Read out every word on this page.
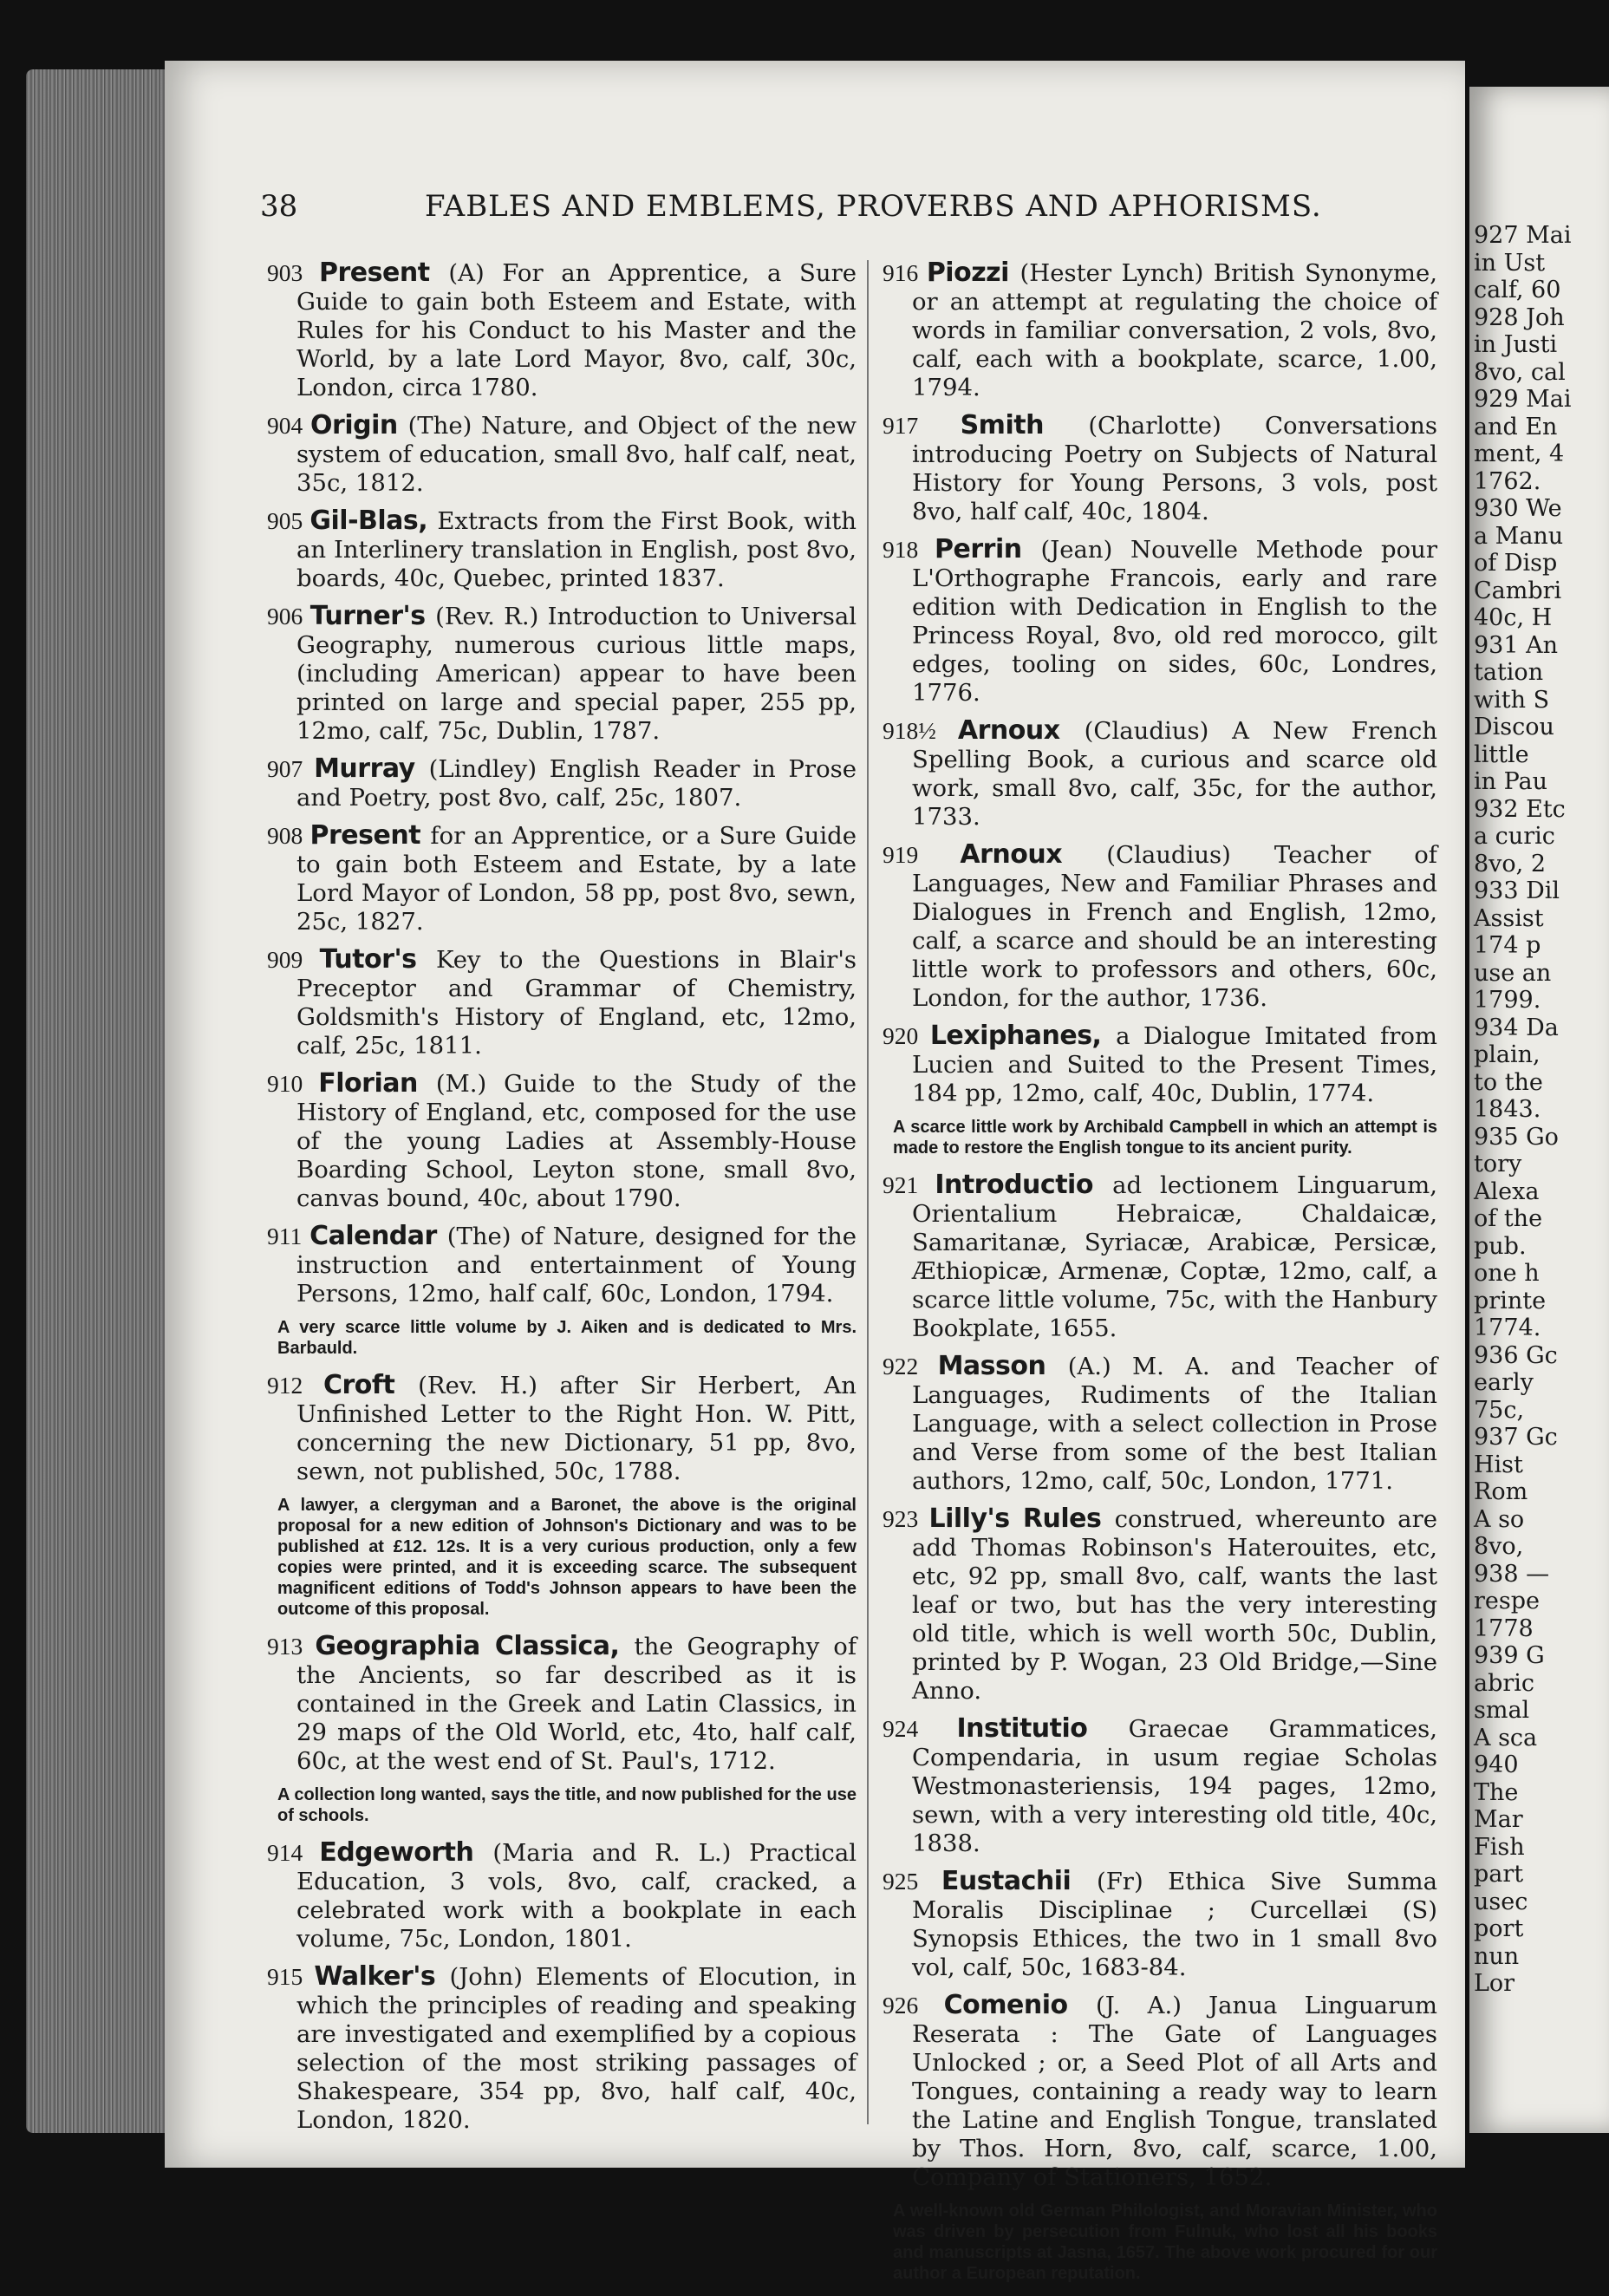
38	FABLES AND EMBLEMS, PROVERBS AND APHORISMS.
903 Present (A) For an Apprentice, a Sure Guide to gain both Esteem and Estate, with Rules for his Conduct to his Master and the World, by a late Lord Mayor, 8vo, calf, 30c, London, circa 1780.
904 Origin (The) Nature, and Object of the new system of education, small 8vo, half calf, neat, 35c, 1812.
905 Gil-Blas, Extracts from the First Book, with an Interlinery translation in English, post 8vo, boards, 40c, Quebec, printed 1837.
906 Turner's (Rev. R.) Introduction to Universal Geography, numerous curious little maps, (including American) appear to have been printed on large and special paper, 255 pp, 12mo, calf, 75c, Dublin, 1787.
907 Murray (Lindley) English Reader in Prose and Poetry, post 8vo, calf, 25c, 1807.
908 Present for an Apprentice, or a Sure Guide to gain both Esteem and Estate, by a late Lord Mayor of London, 58 pp, post 8vo, sewn, 25c, 1827.
909 Tutor's Key to the Questions in Blair's Preceptor and Grammar of Chemistry, Goldsmith's History of England, etc, 12mo, calf, 25c, 1811.
910 Florian (M.) Guide to the Study of the History of England, etc, composed for the use of the young Ladies at Assembly-House Boarding School, Leyton stone, small 8vo, canvas bound, 40c, about 1790.
911 Calendar (The) of Nature, designed for the instruction and entertainment of Young Persons, 12mo, half calf, 60c, London, 1794.
A very scarce little volume by J. Aiken and is dedicated to Mrs. Barbauld.
912 Croft (Rev. H.) after Sir Herbert, An Unfinished Letter to the Right Hon. W. Pitt, concerning the new Dictionary, 51 pp, 8vo, sewn, not published, 50c, 1788.
A lawyer, a clergyman and a Baronet, the above is the original proposal for a new edition of Johnson's Dictionary and was to be published at £12. 12s. It is a very curious production, only a few copies were printed, and it is exceeding scarce. The subsequent magnificent editions of Todd's Johnson appears to have been the outcome of this proposal.
913 Geographia Classica, the Geography of the Ancients, so far described as it is contained in the Greek and Latin Classics, in 29 maps of the Old World, etc, 4to, half calf, 60c, at the west end of St. Paul's, 1712.
A collection long wanted, says the title, and now published for the use of schools.
914 Edgeworth (Maria and R. L.) Practical Education, 3 vols, 8vo, calf, cracked, a celebrated work with a bookplate in each volume, 75c, London, 1801.
915 Walker's (John) Elements of Elocution, in which the principles of reading and speaking are investigated and exemplified by a copious selection of the most striking passages of Shakespeare, 354 pp, 8vo, half calf, 40c, London, 1820.
916 Piozzi (Hester Lynch) British Synonyme, or an attempt at regulating the choice of words in familiar conversation, 2 vols, 8vo, calf, each with a bookplate, scarce, 1.00, 1794.
917 Smith (Charlotte) Conversations introducing Poetry on Subjects of Natural History for Young Persons, 3 vols, post 8vo, half calf, 40c, 1804.
918 Perrin (Jean) Nouvelle Methode pour L'Orthographe Francois, early and rare edition with Dedication in English to the Princess Royal, 8vo, old red morocco, gilt edges, tooling on sides, 60c, Londres, 1776.
918½ Arnoux (Claudius) A New French Spelling Book, a curious and scarce old work, small 8vo, calf, 35c, for the author, 1733.
919 Arnoux (Claudius) Teacher of Languages, New and Familiar Phrases and Dialogues in French and English, 12mo, calf, a scarce and should be an interesting little work to professors and others, 60c, London, for the author, 1736.
920 Lexiphanes, a Dialogue Imitated from Lucien and Suited to the Present Times, 184 pp, 12mo, calf, 40c, Dublin, 1774.
A scarce little work by Archibald Campbell in which an attempt is made to restore the English tongue to its ancient purity.
921 Introductio ad lectionem Linguarum, Orientalium Hebraicæ, Chaldaicæ, Samaritanæ, Syriacæ, Arabicæ, Persicæ, Æthiopicæ, Armenæ, Coptæ, 12mo, calf, a scarce little volume, 75c, with the Hanbury Bookplate, 1655.
922 Masson (A.) M. A. and Teacher of Languages, Rudiments of the Italian Language, with a select collection in Prose and Verse from some of the best Italian authors, 12mo, calf, 50c, London, 1771.
923 Lilly's Rules construed, whereunto are add Thomas Robinson's Haterouites, etc, etc, 92 pp, small 8vo, calf, wants the last leaf or two, but has the very interesting old title, which is well worth 50c, Dublin, printed by P. Wogan, 23 Old Bridge,—Sine Anno.
924 Institutio Graecae Grammatices, Compendaria, in usum regiae Scholas Westmonasteriensis, 194 pages, 12mo, sewn, with a very interesting old title, 40c, 1838.
925 Eustachii (Fr) Ethica Sive Summa Moralis Disciplinae ; Curcellæi (S) Synopsis Ethices, the two in 1 small 8vo vol, calf, 50c, 1683-84.
926 Comenio (J. A.) Janua Linguarum Reserata : The Gate of Languages Unlocked ; or, a Seed Plot of all Arts and Tongues, containing a ready way to learn the Latine and English Tongue, translated by Thos. Horn, 8vo, calf, scarce, 1.00, Company of Stationers, 1652.
A well-known old German Philologist, and Moravian Minister, who was driven by persecution from Fulnuk, who lost all his books and manuscripts at Jasna, 1657. The above work procured for our author a European reputation.
927 Mai
in Ust
calf, 60
928 Joh
in Justi
8vo, cal
929 Mai
and En
ment, 4
1762.
930 We
a Manu
of Disp
Cambri
40c, H
931 An
tation
with S
Discou
little
in Pau
932 Etc
a curic
8vo, 2
933 Dil
Assist
174 p
use an
1799.
934 Da
plain,
to the
1843.
935 Go
tory
Alexa
of the
pub.
one h
printe
1774.
936 Gc
early
75c,
937 Gc
Hist
Rom
A so
8vo,
938 —
respe
1778
939 G
abric
smal
A sca
940
The
Mar
Fish
part
usec
port
nun
Lor
